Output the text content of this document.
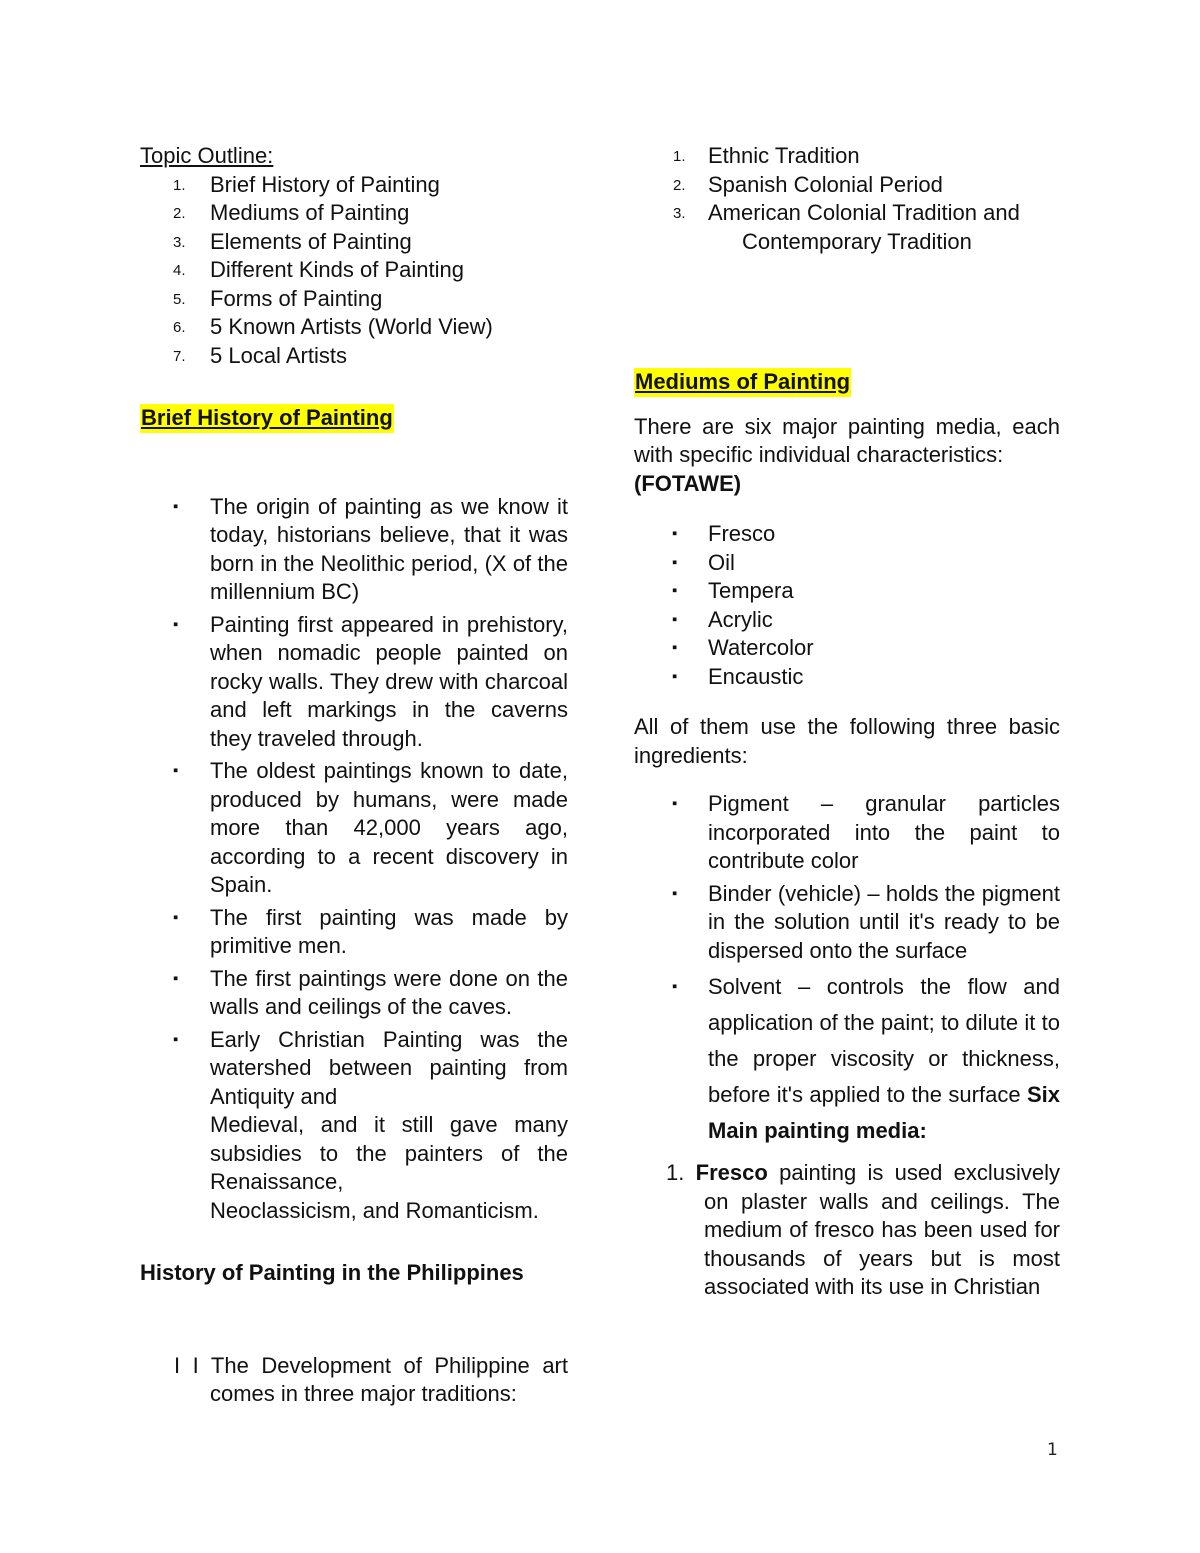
Topic Outline:

1. Brief History of Painting
2. Mediums of Painting
3. Elements of Painting
4. Different Kinds of Painting
5. Forms of Painting
6. 5 Known Artists (World View)
7. 5 Local Artists

Brief History of Painting

▪ The origin of painting as we know it today, historians believe, that it was born in the Neolithic period, (X of the millennium BC)
▪ Painting first appeared in prehistory, when nomadic people painted on rocky walls. They drew with charcoal and left markings in the caverns they traveled through.
▪ The oldest paintings known to date, produced by humans, were made more than 42,000 years ago, according to a recent discovery in Spain.
▪ The first painting was made by primitive men.
▪ The first paintings were done on the walls and ceilings of the caves.
▪ Early Christian Painting was the watershed between painting from Antiquity and
Medieval, and it still gave many subsidies to the painters of the Renaissance,
Neoclassicism, and Romanticism.

History of Painting in the Philippines

I I The Development of Philippine art comes in three major traditions:

1. Ethnic Tradition
2. Spanish Colonial Period
3. American Colonial Tradition and

Contemporary Tradition

Mediums of Painting

There are six major painting media, each with specific individual characteristics:
(FOTAWE)

▪ Fresco
▪ Oil
▪ Tempera
▪ Acrylic
▪ Watercolor
▪ Encaustic

All of them use the following three basic ingredients:

▪ Pigment – granular particles incorporated into the paint to contribute color
▪ Binder (vehicle) – holds the pigment in the solution until it's ready to be dispersed onto the surface
▪ Solvent – controls the flow and application of the paint; to dilute it to the proper viscosity or thickness, before it's applied to the surface Six Main painting media:

1. Fresco painting is used exclusively on plaster walls and ceilings. The medium of fresco has been used for thousands of years but is most associated with its use in Christian

1
